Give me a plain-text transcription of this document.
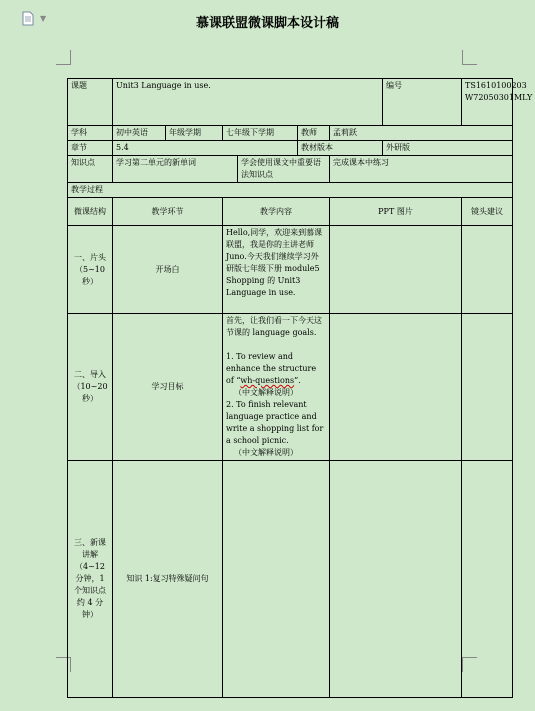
▼	慕课联盟微课脚本设计稿
课题	Unit3 Language in use.						编号	TS1610100203 W72050301MLY
学科	初中英语	年级学期	七年级下学期		教师	孟莉跃		
章节	5.4				教材版本		外研版	
知识点	学习第二单元的新单词			学会使用课文中重要语法知识点		完成课本中练习		
教学过程								
微课结构	教学环节		教学内容			PPT 图片		镜头建议
一、片头（5~10 秒）	开场白		Hello,同学，欢迎来到慕课联盟，我是你的主讲老师 Juno.今天我们继续学习外研版七年级下册 module5 Shopping 的 Unit3 Language in use.					
二、导入（10~20 秒）	学习目标		首先，让我们看一下今天这节课的 language goals.

1. To review and enhance the structure of “wh-questions”.

（中文解释说明）

2. To finish relevant language practice and write a shopping list for a school picnic.

（中文解释说明）					

三、新课讲解（4~12 分钟，1 个知识点约 4 分钟）	知识 1:复习特殊疑问句							
